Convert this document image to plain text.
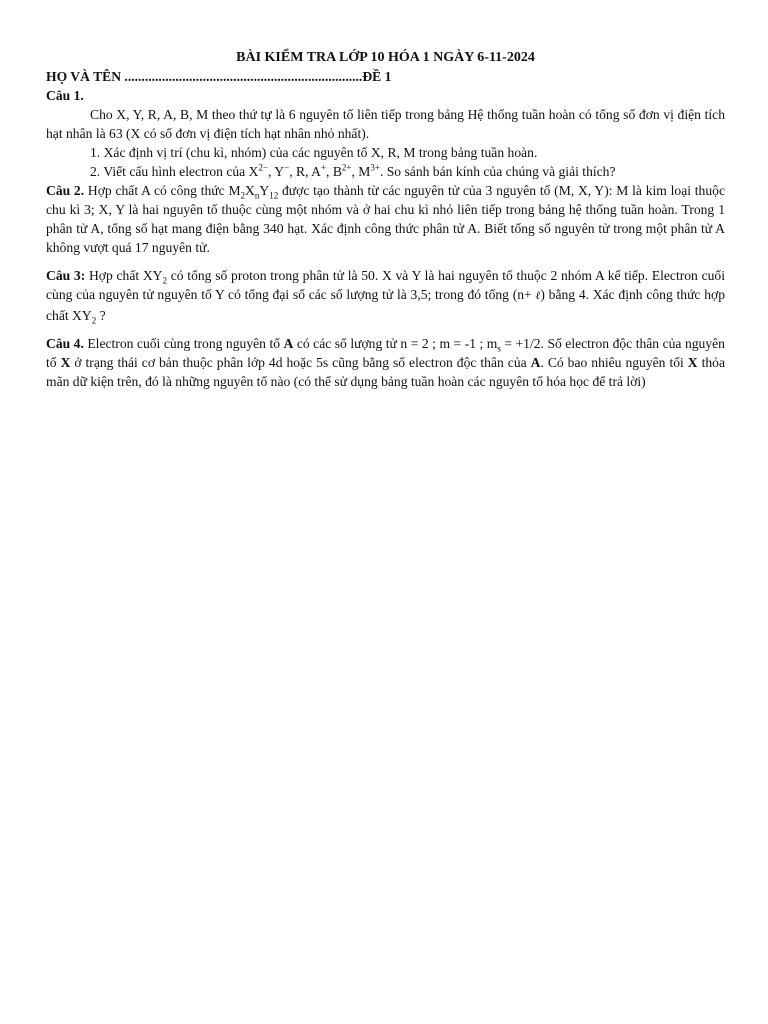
BÀI KIỂM TRA LỚP 10 HÓA 1 NGÀY 6-11-2024

HỌ VÀ TÊN ......................................................................ĐỀ 1

Câu 1.

Cho X, Y, R, A, B, M theo thứ tự là 6 nguyên tố liên tiếp trong bảng Hệ thống tuần hoàn có tổng số đơn vị điện tích hạt nhân là 63 (X có số đơn vị điện tích hạt nhân nhỏ nhất).

1. Xác định vị trí (chu kì, nhóm) của các nguyên tố X, R, M trong bảng tuần hoàn.

2. Viết cấu hình electron của $X^{2-}$, Y−, R, A+, $B^{2+}$, $M^{3+}$. So sánh bán kính của chúng và giải thích?

Câu 2. Hợp chất A có công thức $M_2X_nY_{12}$ được tạo thành từ các nguyên tử của 3 nguyên tố (M, X, Y): M là kim loại thuộc chu kì 3; X, Y là hai nguyên tố thuộc cùng một nhóm và ở hai chu kì nhỏ liên tiếp trong bảng hệ thống tuần hoàn. Trong 1 phân tử A, tổng số hạt mang điện bằng 340 hạt. Xác định công thức phân tử A. Biết tổng số nguyên tử trong một phân tử A không vượt quá 17 nguyên tử.

Câu 3: Hợp chất $XY_2$ có tổng số proton trong phân tử là 50. X và Y là hai nguyên tố thuộc 2 nhóm A kế tiếp. Electron cuối cùng của nguyên tử nguyên tố Y có tổng đại số các số lượng tử là 3,5; trong đó tổng (n+ ℓ) bằng 4. Xác định công thức hợp chất $XY_2$ ?

Câu 4. Electron cuối cùng trong nguyên tố A có các số lượng tử n = 2 ; m = -1 ; $m_s = +1/2$. Số electron độc thân của nguyên tố X ở trạng thái cơ bản thuộc phân lớp 4d hoặc 5s cũng bằng số electron độc thân của A. Có bao nhiêu nguyên tối X thỏa mãn dữ kiện trên, đó là những nguyên tố nào (có thể sử dụng bảng tuần hoàn các nguyên tố hóa học để trả lời)
